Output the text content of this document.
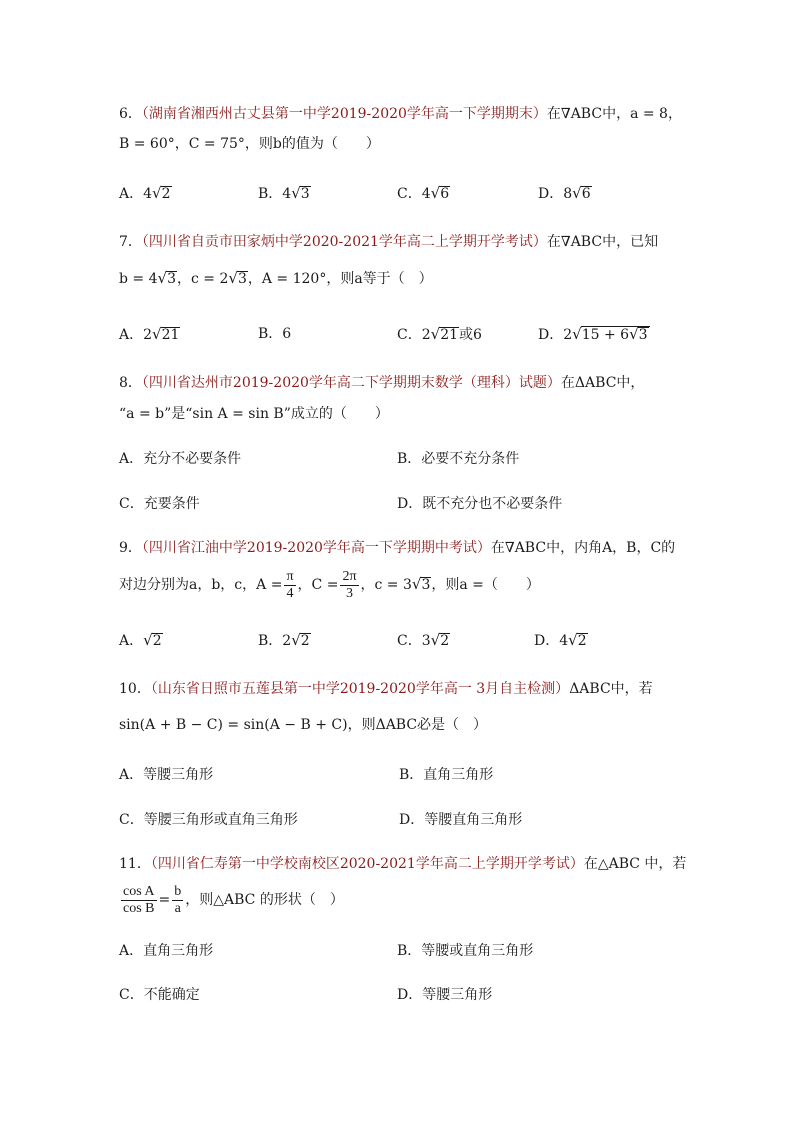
6．（湖南省湘西州古丈县第一中学2019-2020学年高一下学期期末）在∇ABC中，a = 8，
B = 60°，C = 75°，则b的值为（　　）
A．4√2	B．4√3	C．4√6	D．8√6
7．（四川省自贡市田家炳中学2020-2021学年高二上学期开学考试）在∇ABC中，已知
b = 4√3，c = 2√3，A = 120°，则a等于（　）
A．2√21	B．6	C．2√21或6	D．2√15 + 6√3
8．（四川省达州市2019-2020学年高二下学期期末数学（理科）试题）在ΔABC中，
“a = b”是“sin A = sin B”成立的（　　）
A．充分不必要条件	B．必要不充分条件
C．充要条件	D．既不充分也不必要条件
9．（四川省江油中学2019-2020学年高一下学期期中考试）在∇ABC中，内角A，B，C的
对边分别为a，b，c，$A = \frac{\pi}{4}$ ，$C = \frac{2\pi}{3}$ ，c = 3√3，则a =（　　）
A．√2	B．2√2	C．3√2	D．4√2
10．（山东省日照市五莲县第一中学2019-2020学年高一 3月自主检测）ΔABC中，若
sin(A + B − C) = sin(A − B + C)，则ΔABC必是（　）
A．等腰三角形	B．直角三角形
C．等腰三角形或直角三角形	D．等腰直角三角形
11．（四川省仁寿第一中学校南校区2020-2021学年高二上学期开学考试）在△ABC 中，若
$\frac{\text{cos A}}{\text{cos B}} = \frac{b}{a}$ ，则△ABC 的形状（　）
A．直角三角形	B．等腰或直角三角形
C．不能确定	D．等腰三角形
